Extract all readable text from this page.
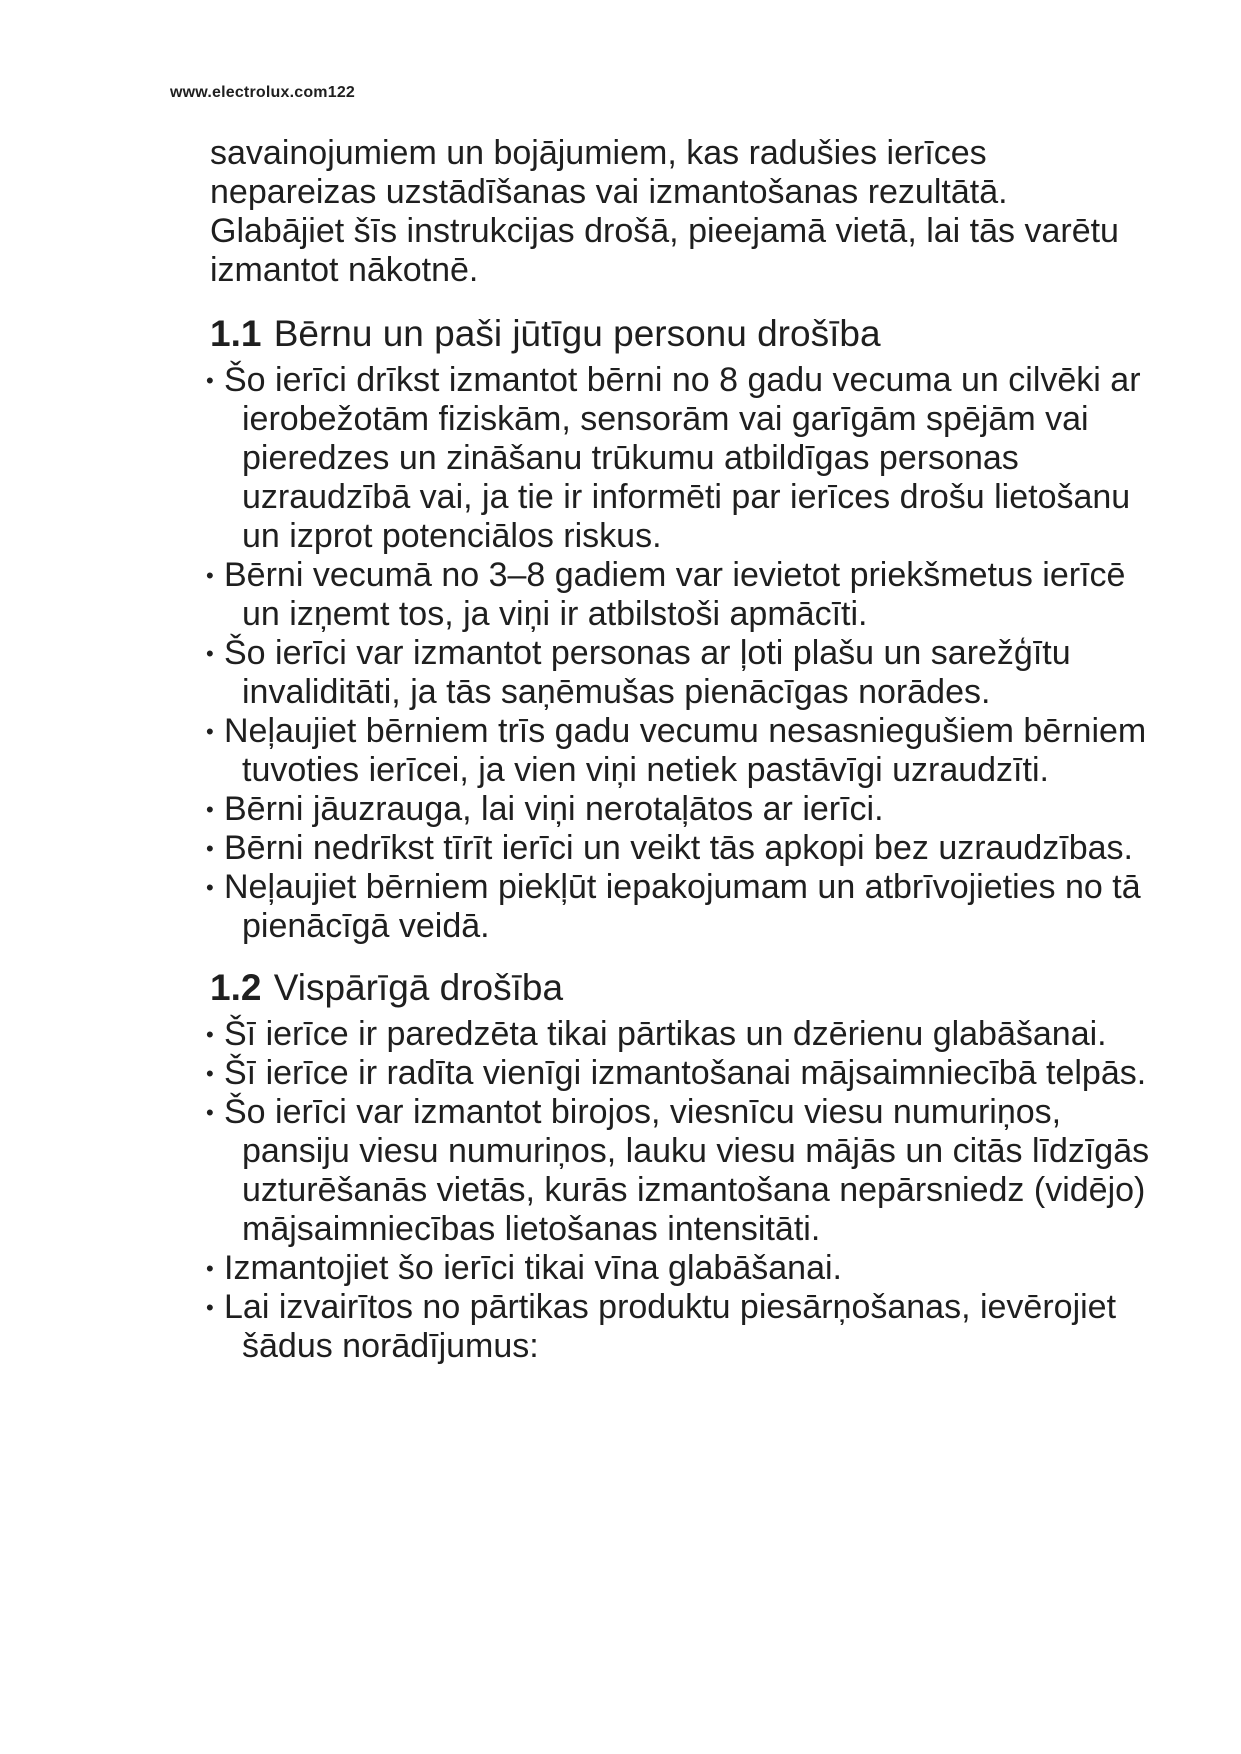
www.electrolux.com122

savainojumiem un bojājumiem, kas radušies ierīces nepareizas uzstādīšanas vai izmantošanas rezultātā.

Glabājiet šīs instrukcijas drošā, pieejamā vietā, lai tās varētu izmantot nākotnē.

1.1 Bērnu un paši jūtīgu personu drošība
• Šo ierīci drīkst izmantot bērni no 8 gadu vecuma un cilvēki ar ierobežotām fiziskām, sensorām vai garīgām spējām vai pieredzes un zināšanu trūkumu atbildīgas personas uzraudzībā vai, ja tie ir informēti par ierīces drošu lietošanu un izprot potenciālos riskus.
• Bērni vecumā no 3–8 gadiem var ievietot priekšmetus ierīcē un izņemt tos, ja viņi ir atbilstoši apmācīti.
• Šo ierīci var izmantot personas ar ļoti plašu un sarežģītu invaliditāti, ja tās saņēmušas pienācīgas norādes.
• Neļaujiet bērniem trīs gadu vecumu nesasniegušiem bērniem tuvoties ierīcei, ja vien viņi netiek pastāvīgi uzraudzīti.
• Bērni jāuzrauga, lai viņi nerotaļātos ar ierīci.
• Bērni nedrīkst tīrīt ierīci un veikt tās apkopi bez uzraudzības.
• Neļaujiet bērniem piekļūt iepakojumam un atbrīvojieties no tā pienācīgā veidā.
1.2 Vispārīgā drošība
• Šī ierīce ir paredzēta tikai pārtikas un dzērienu glabāšanai.
• Šī ierīce ir radīta vienīgi izmantošanai mājsaimniecībā telpās.
• Šo ierīci var izmantot birojos, viesnīcu viesu numuriņos, pansiju viesu numuriņos, lauku viesu mājās un citās līdzīgās uzturēšanās vietās, kurās izmantošana nepārsniedz (vidējo) mājsaimniecības lietošanas intensitāti.
• Izmantojiet šo ierīci tikai vīna glabāšanai.
• Lai izvairītos no pārtikas produktu piesārņošanas, ievērojiet šādus norādījumus:
